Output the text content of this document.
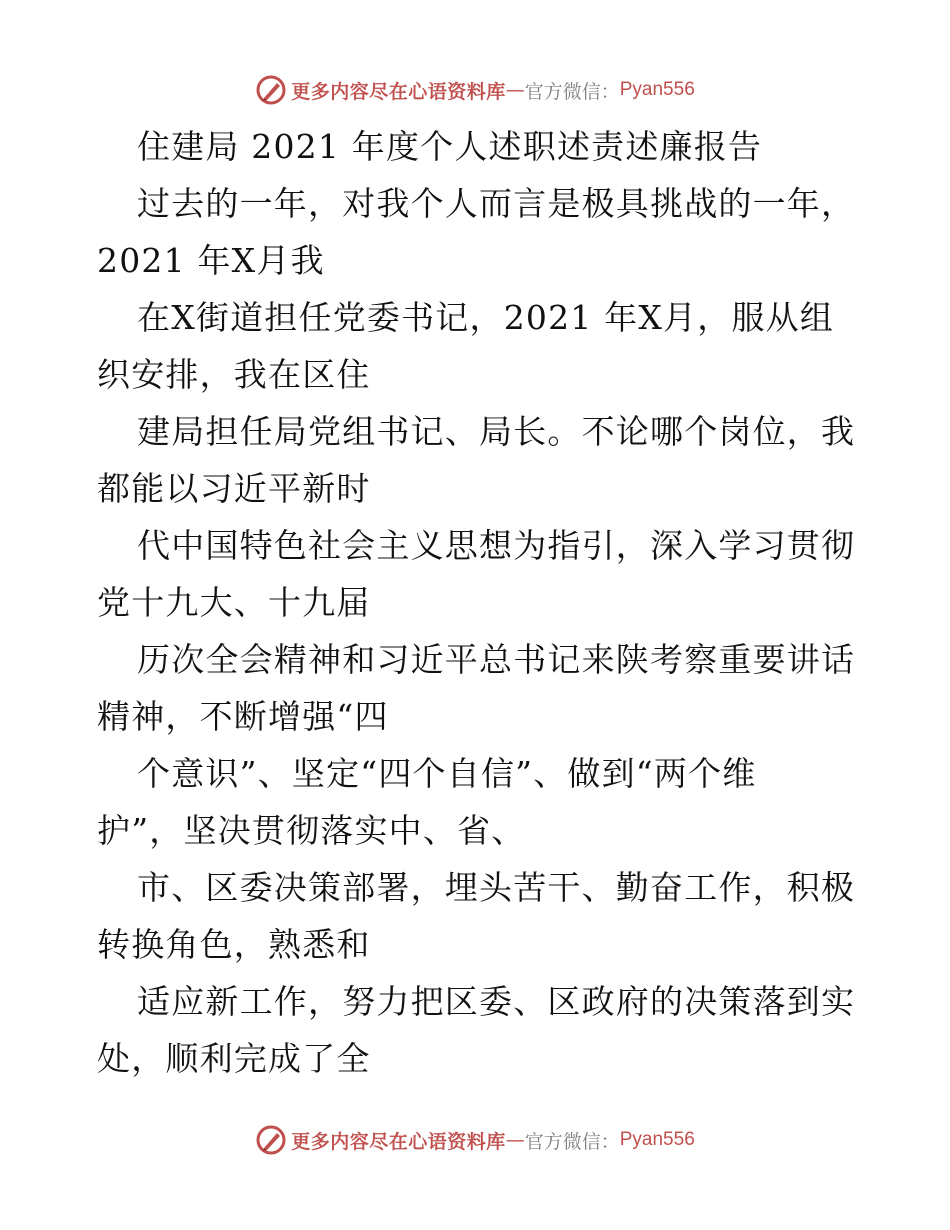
更多内容尽在心语资料库 — 官方微信： Pyan556
住建局 2021 年度个人述职述责述廉报告
过去的一年，对我个人而言是极具挑战的一年，
2021 年X月我
在X街道担任党委书记，2021 年X月，服从组
织安排，我在区住
建局担任局党组书记、局长。不论哪个岗位，我
都能以习近平新时
代中国特色社会主义思想为指引，深入学习贯彻
党十九大、十九届
历次全会精神和习近平总书记来陕考察重要讲话
精神，不断增强“四
个意识”、坚定“四个自信”、做到“两个维
护”，坚决贯彻落实中、省、
市、区委决策部署，埋头苦干、勤奋工作，积极
转换角色，熟悉和
适应新工作，努力把区委、区政府的决策落到实
处，顺利完成了全
更多内容尽在心语资料库 — 官方微信： Pyan556
